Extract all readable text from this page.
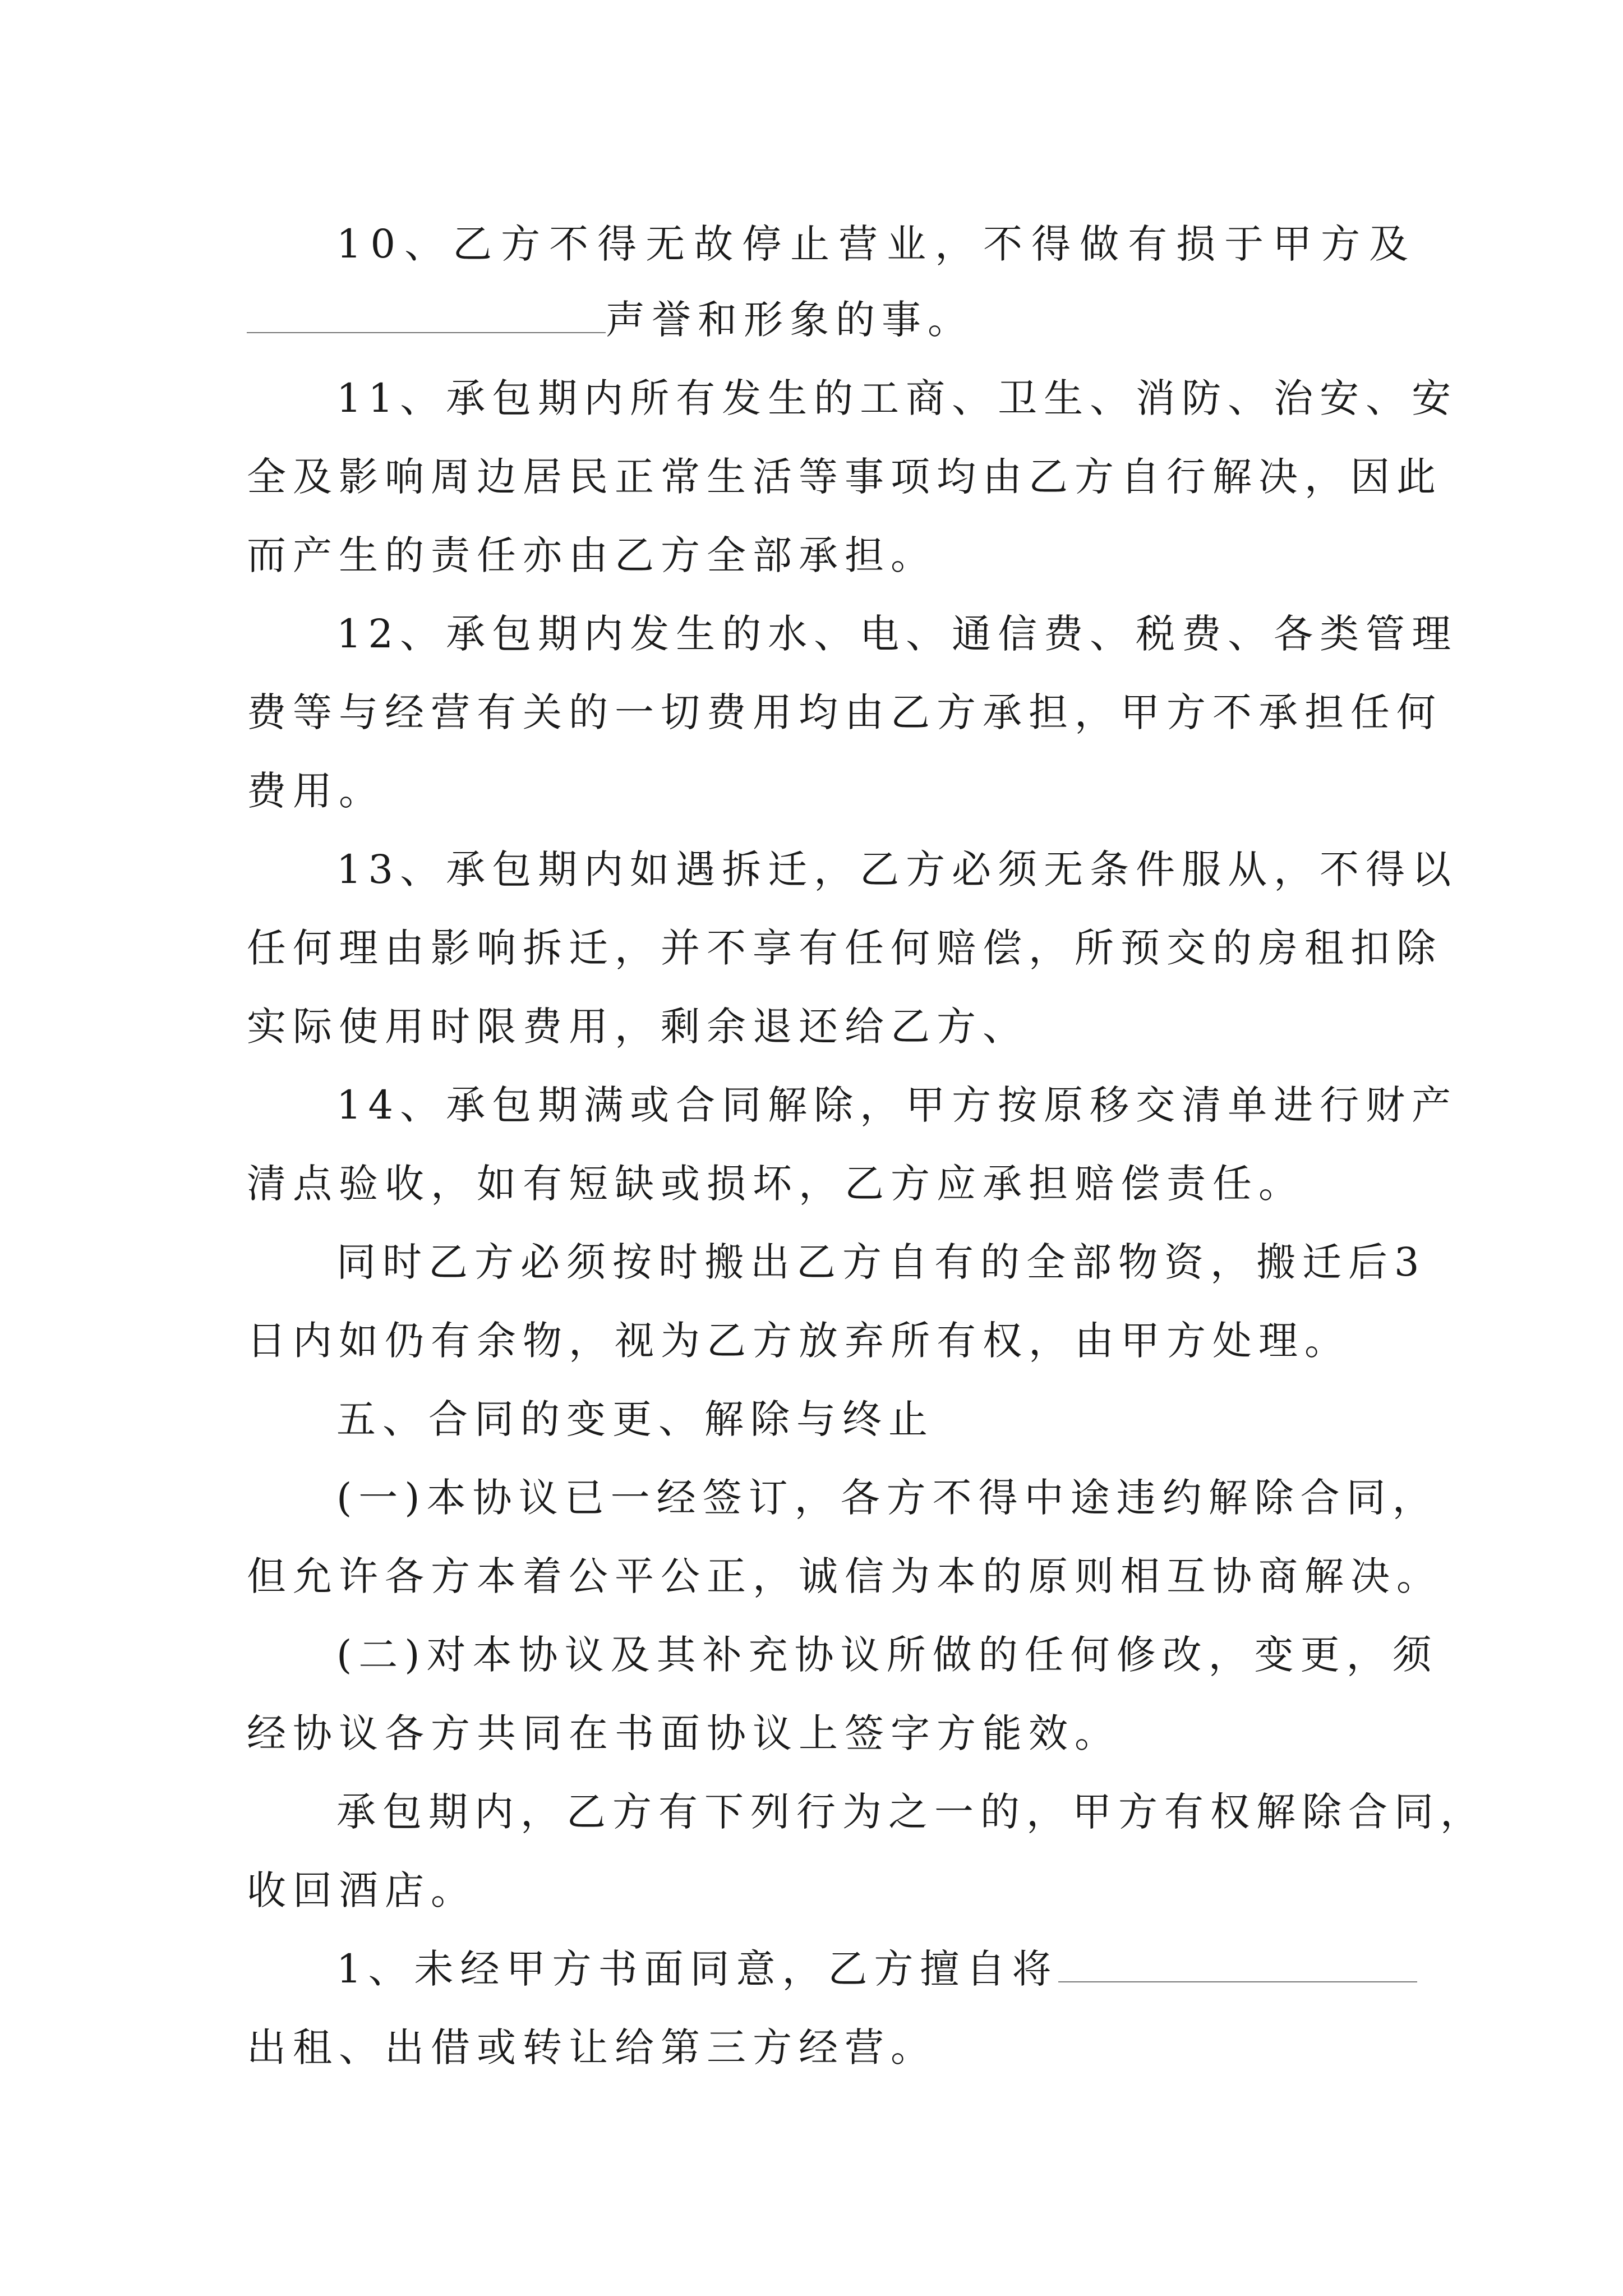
10、乙方不得无故停止营业，不得做有损于甲方及
声誉和形象的事。
11、承包期内所有发生的工商、卫生、消防、治安、安
全及影响周边居民正常生活等事项均由乙方自行解决，因此
而产生的责任亦由乙方全部承担。
12、承包期内发生的水、电、通信费、税费、各类管理
费等与经营有关的一切费用均由乙方承担，甲方不承担任何
费用。
13、承包期内如遇拆迁，乙方必须无条件服从，不得以
任何理由影响拆迁，并不享有任何赔偿，所预交的房租扣除
实际使用时限费用，剩余退还给乙方、
14、承包期满或合同解除，甲方按原移交清单进行财产
清点验收，如有短缺或损坏，乙方应承担赔偿责任。
同时乙方必须按时搬出乙方自有的全部物资，搬迁后3
日内如仍有余物，视为乙方放弃所有权，由甲方处理。
五、合同的变更、解除与终止
(一)本协议已一经签订，各方不得中途违约解除合同，
但允许各方本着公平公正，诚信为本的原则相互协商解决。
(二)对本协议及其补充协议所做的任何修改，变更，须
经协议各方共同在书面协议上签字方能效。
承包期内，乙方有下列行为之一的，甲方有权解除合同，
收回酒店。
1、未经甲方书面同意，乙方擅自将
出租、出借或转让给第三方经营。
